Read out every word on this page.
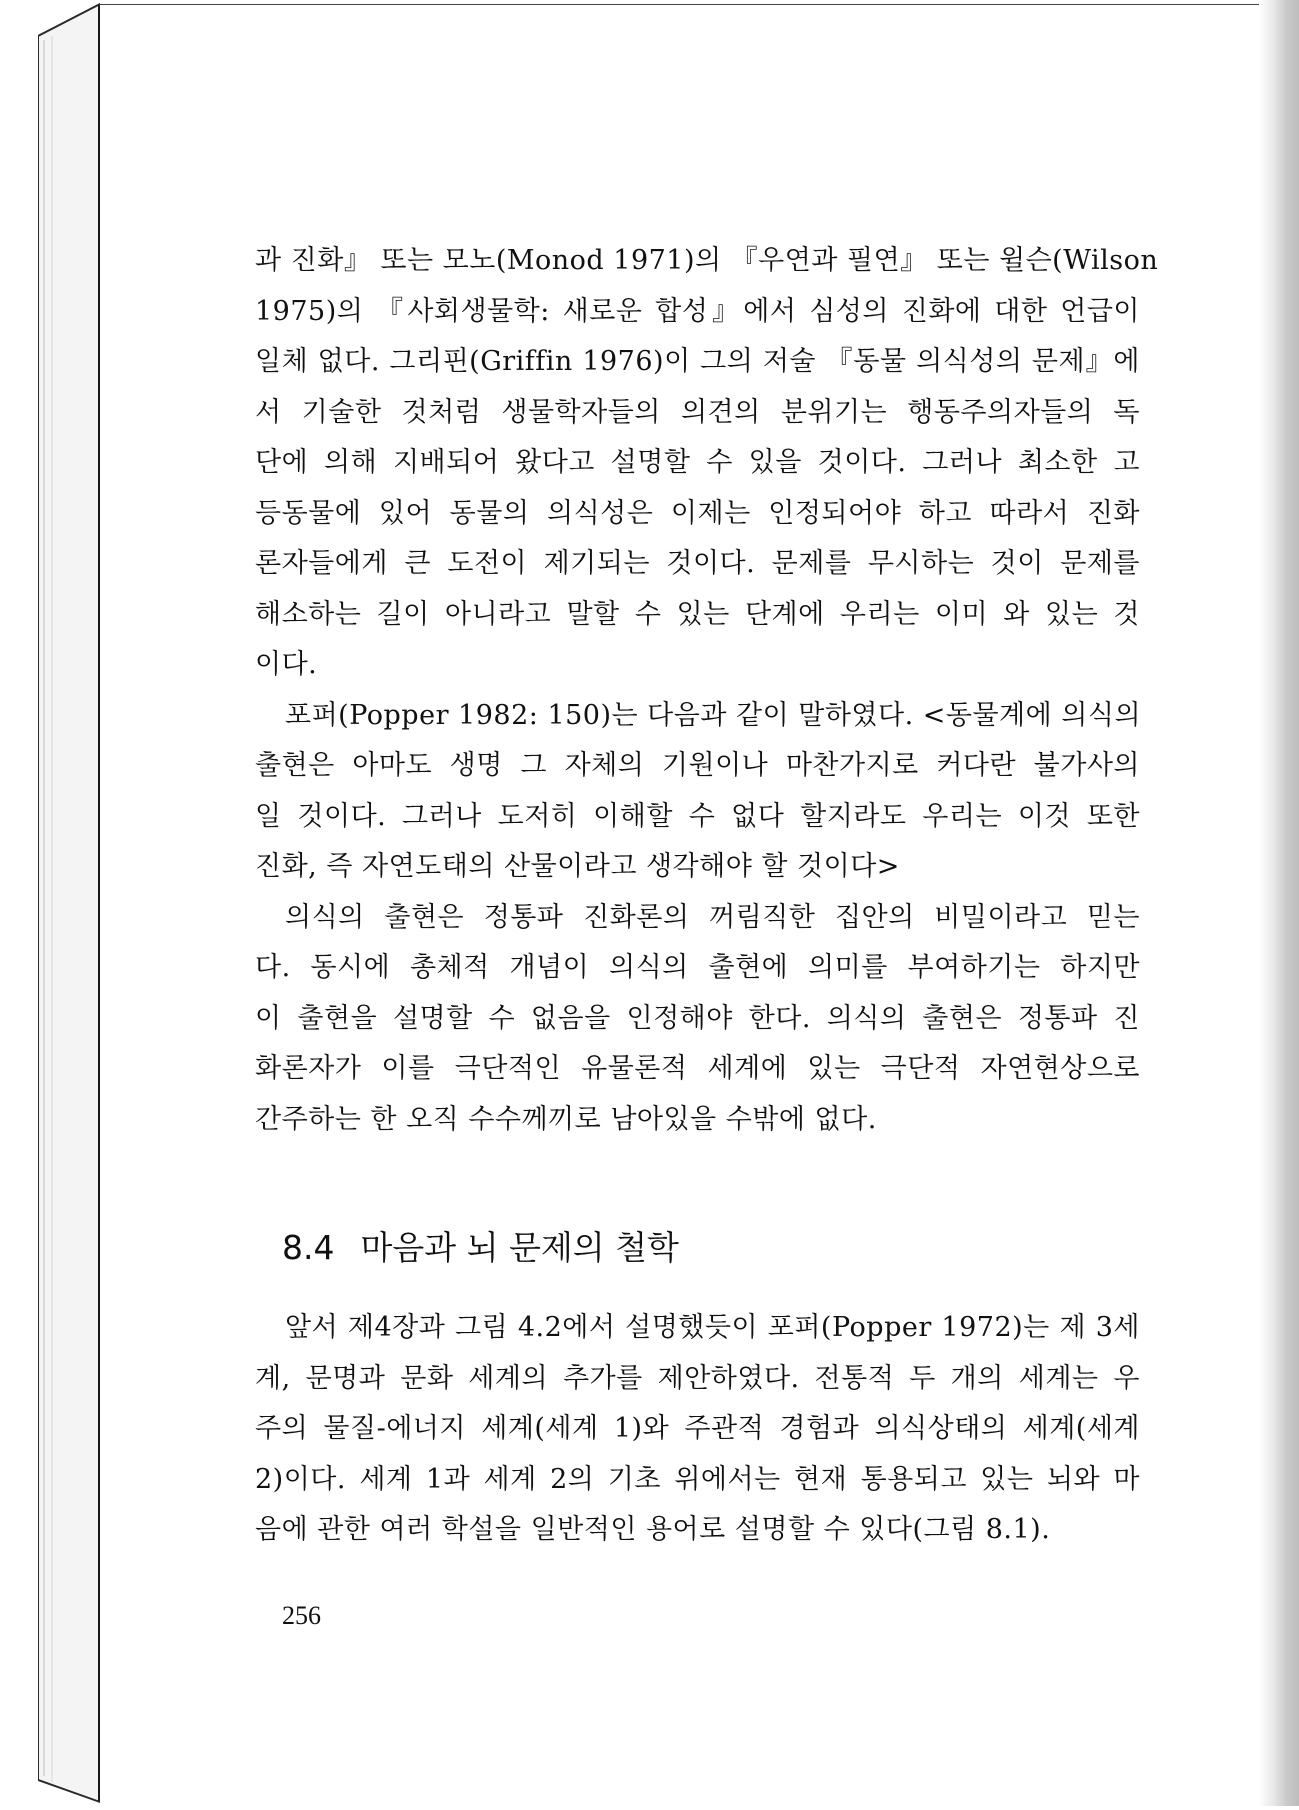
과 진화』 또는 모노(Monod 1971)의 『우연과 필연』 또는 윌슨(Wilson
1975)의 『사회생물학: 새로운 합성』에서 심성의 진화에 대한 언급이
일체 없다. 그리핀(Griffin 1976)이 그의 저술 『동물 의식성의 문제』에
서 기술한 것처럼 생물학자들의 의견의 분위기는 행동주의자들의 독
단에 의해 지배되어 왔다고 설명할 수 있을 것이다. 그러나 최소한 고
등동물에 있어 동물의 의식성은 이제는 인정되어야 하고 따라서 진화
론자들에게 큰 도전이 제기되는 것이다. 문제를 무시하는 것이 문제를
해소하는 길이 아니라고 말할 수 있는 단계에 우리는 이미 와 있는 것
이다.
포퍼(Popper 1982: 150)는 다음과 같이 말하였다. <동물계에 의식의
출현은 아마도 생명 그 자체의 기원이나 마찬가지로 커다란 불가사의
일 것이다. 그러나 도저히 이해할 수 없다 할지라도 우리는 이것 또한
진화, 즉 자연도태의 산물이라고 생각해야 할 것이다>
의식의 출현은 정통파 진화론의 꺼림직한 집안의 비밀이라고 믿는
다. 동시에 총체적 개념이 의식의 출현에 의미를 부여하기는 하지만
이 출현을 설명할 수 없음을 인정해야 한다. 의식의 출현은 정통파 진
화론자가 이를 극단적인 유물론적 세계에 있는 극단적 자연현상으로
간주하는 한 오직 수수께끼로 남아있을 수밖에 없다.
8.4 마음과 뇌 문제의 철학
앞서 제4장과 그림 4.2에서 설명했듯이 포퍼(Popper 1972)는 제 3세
계, 문명과 문화 세계의 추가를 제안하였다. 전통적 두 개의 세계는 우
주의 물질-에너지 세계(세계 1)와 주관적 경험과 의식상태의 세계(세계
2)이다. 세계 1과 세계 2의 기초 위에서는 현재 통용되고 있는 뇌와 마
음에 관한 여러 학설을 일반적인 용어로 설명할 수 있다(그림 8.1).
256
